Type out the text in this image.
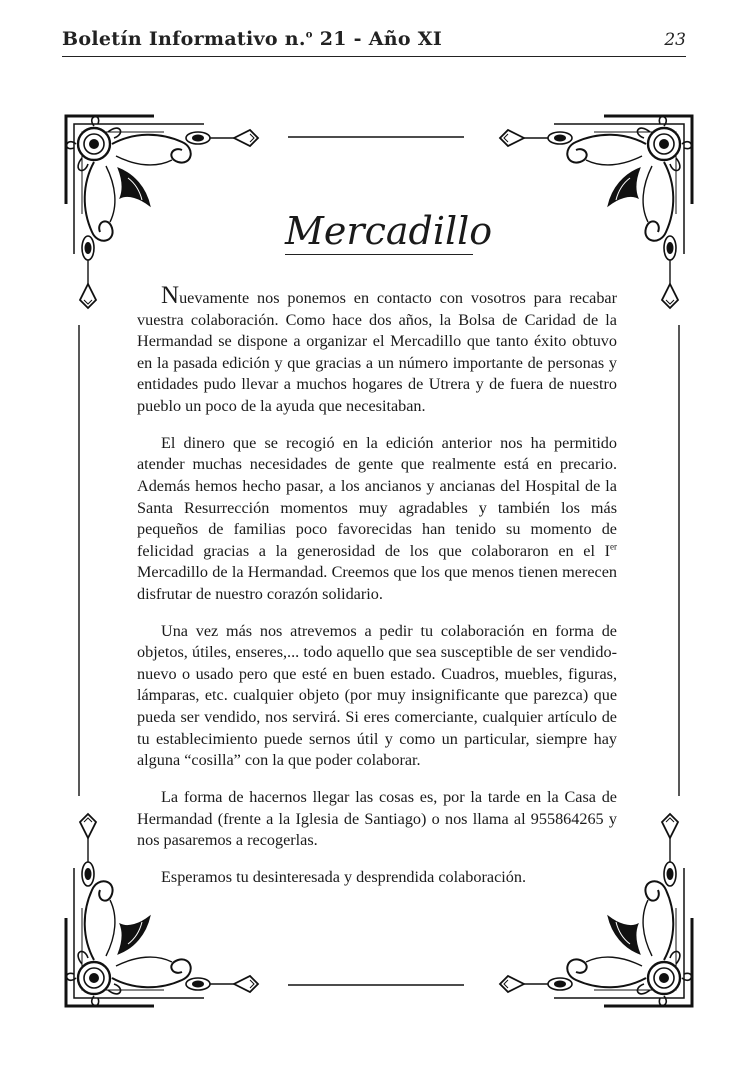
Boletín Informativo n.$^o$ 21 - Año XI	23
Mercadillo

Nuevamente nos ponemos en contacto con vosotros para recabar vuestra colaboración. Como hace dos años, la Bolsa de Caridad de la Hermandad se dispone a organizar el Mercadillo que tanto éxito obtuvo en la pasada edición y que gracias a un número importante de personas y entidades pudo llevar a muchos hogares de Utrera y de fuera de nuestro pueblo un poco de la ayuda que necesitaban.

El dinero que se recogió en la edición anterior nos ha permitido atender muchas necesidades de gente que realmente está en precario. Además hemos hecho pasar, a los ancianos y ancianas del Hospital de la Santa Resurrección momentos muy agradables y también los más pequeños de familias poco favorecidas han tenido su momento de felicidad gracias a la generosidad de los que colaboraron en el Ier Mercadillo de la Hermandad. Creemos que los que menos tienen merecen disfrutar de nuestro corazón solidario.

Una vez más nos atrevemos a pedir tu colaboración en forma de objetos, útiles, enseres,... todo aquello que sea susceptible de ser vendido- nuevo o usado pero que esté en buen estado. Cuadros, muebles, figuras, lámparas, etc. cualquier objeto (por muy insignificante que parezca) que pueda ser vendido, nos servirá. Si eres comerciante, cualquier artículo de tu establecimiento puede sernos útil y como un particular, siempre hay alguna “cosilla” con la que poder colaborar.

La forma de hacernos llegar las cosas es, por la tarde en la Casa de Hermandad (frente a la Iglesia de Santiago) o nos llama al 955864265 y nos pasaremos a recogerlas.

Esperamos tu desinteresada y desprendida colaboración.
